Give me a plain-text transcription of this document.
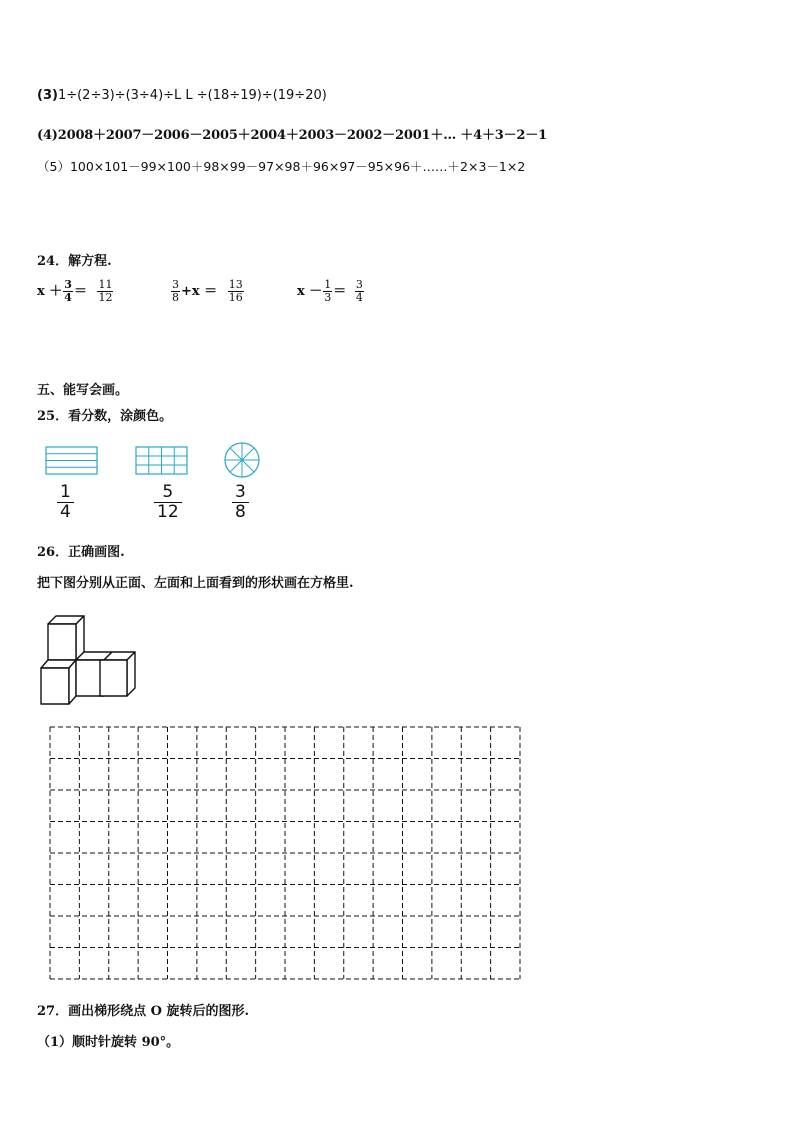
(3)1÷(2÷3)÷(3÷4)÷L L ÷(18÷19)÷(19÷20)
(4)2008＋2007－2006－2005＋2004＋2003－2002－2001＋… ＋4＋3－2－1
（5）100×101－99×100＋98×99－97×98＋96×97－95×96＋……＋2×3－1×2
24．解方程.
$x + \frac{3}{4} = \frac{11}{12}$	$\frac{3}{8} +x = \frac{13}{16}$	$x - \frac{1}{3} = \frac{3}{4}$
五、能写会画。
25．看分数，涂颜色。
$\frac{1}{4}$	$\frac{5}{12}$	$\frac{3}{8}$
26．正确画图.
把下图分别从正面、左面和上面看到的形状画在方格里.
27．画出梯形绕点 O 旋转后的图形.
（1）顺时针旋转 90°。
